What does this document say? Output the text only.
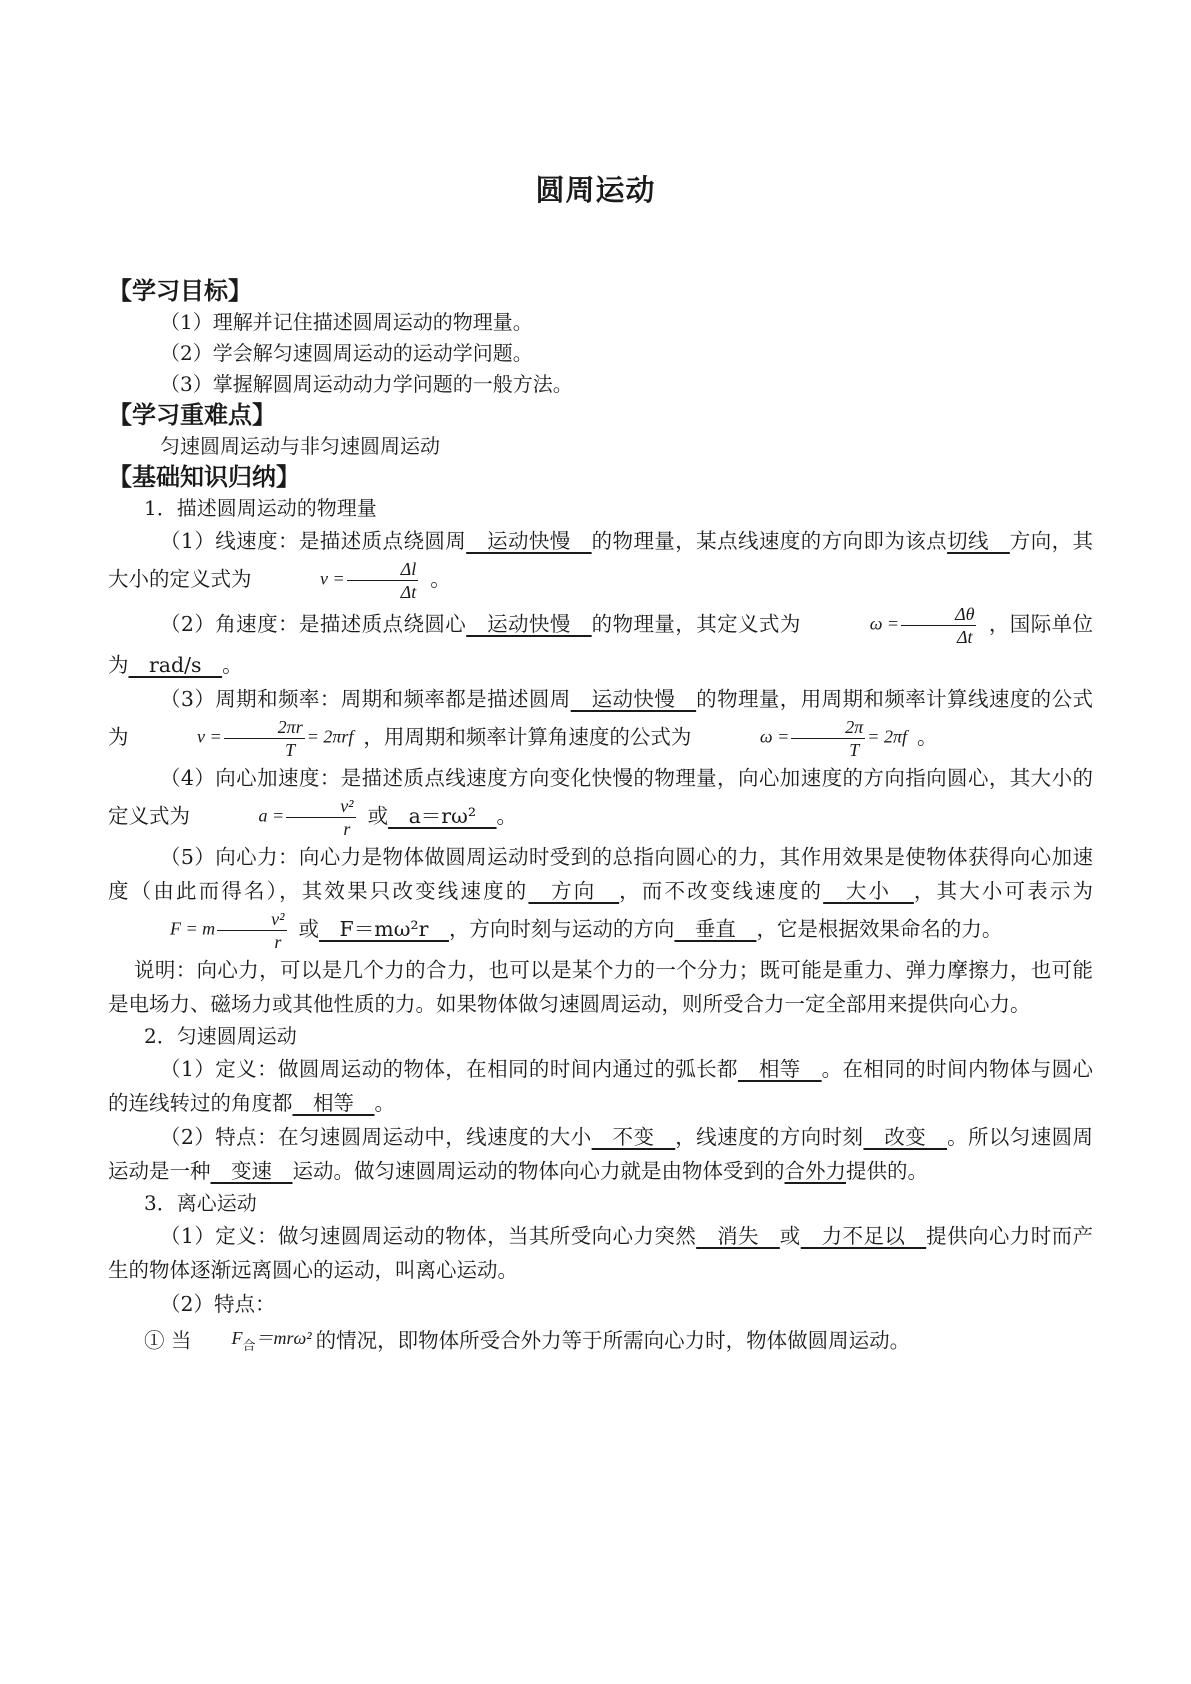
圆周运动
【学习目标】
（1）理解并记住描述圆周运动的物理量。
（2）学会解匀速圆周运动的运动学问题。
（3）掌握解圆周运动动力学问题的一般方法。
【学习重难点】
匀速圆周运动与非匀速圆周运动
【基础知识归纳】
1．描述圆周运动的物理量

（1）线速度：是描述质点绕圆周　运动快慢　的物理量，某点线速度的方向即为该点切线　方向，其大小的定义式为	$v = \frac{\Delta l}{\Delta t}$ 。

（2）角速度：是描述质点绕圆心　运动快慢　的物理量，其定义式为	$\omega = \frac{\Delta\theta}{\Delta t}$ ，国际单位为　rad/s　。

（3）周期和频率：周期和频率都是描述圆周　运动快慢　的物理量，用周期和频率计算线速度的公式为	$v = \frac{2\pi r}{T} = 2\pi rf$ ，用周期和频率计算角速度的公式为	$\omega = \frac{2\pi}{T} = 2\pi f$ 。

（4）向心加速度：是描述质点线速度方向变化快慢的物理量，向心加速度的方向指向圆心，其大小的定义式为	$a = \frac{\text{v²}}{r}$ 或　a＝rω²　。

（5）向心力：向心力是物体做圆周运动时受到的总指向圆心的力，其作用效果是使物体获得向心加速度（由此而得名），其效果只改变线速度的　方向　，而不改变线速度的　大小　，其大小可表示为 F = m $\frac{\text{v²}}{r}$ 或　F＝mω²r　，方向时刻与运动的方向　垂直　，它是根据效果命名的力。

说明：向心力，可以是几个力的合力，也可以是某个力的一个分力；既可能是重力、弹力摩擦力，也可能是电场力、磁场力或其他性质的力。如果物体做匀速圆周运动，则所受合力一定全部用来提供向心力。

2．匀速圆周运动

（1）定义：做圆周运动的物体，在相同的时间内通过的弧长都　相等　。在相同的时间内物体与圆心的连线转过的角度都　相等　。

（2）特点：在匀速圆周运动中，线速度的大小　不变　，线速度的方向时刻　改变　。所以匀速圆周运动是一种　变速　运动。做匀速圆周运动的物体向心力就是由物体受到的合外力提供的。

3．离心运动

（1）定义：做匀速圆周运动的物体，当其所受向心力突然　消失　或　力不足以　提供向心力时而产生的物体逐渐远离圆心的运动，叫离心运动。

（2）特点：

① 当 $F_合=mr\omega^2$ 的情况，即物体所受合外力等于所需向心力时，物体做圆周运动。
